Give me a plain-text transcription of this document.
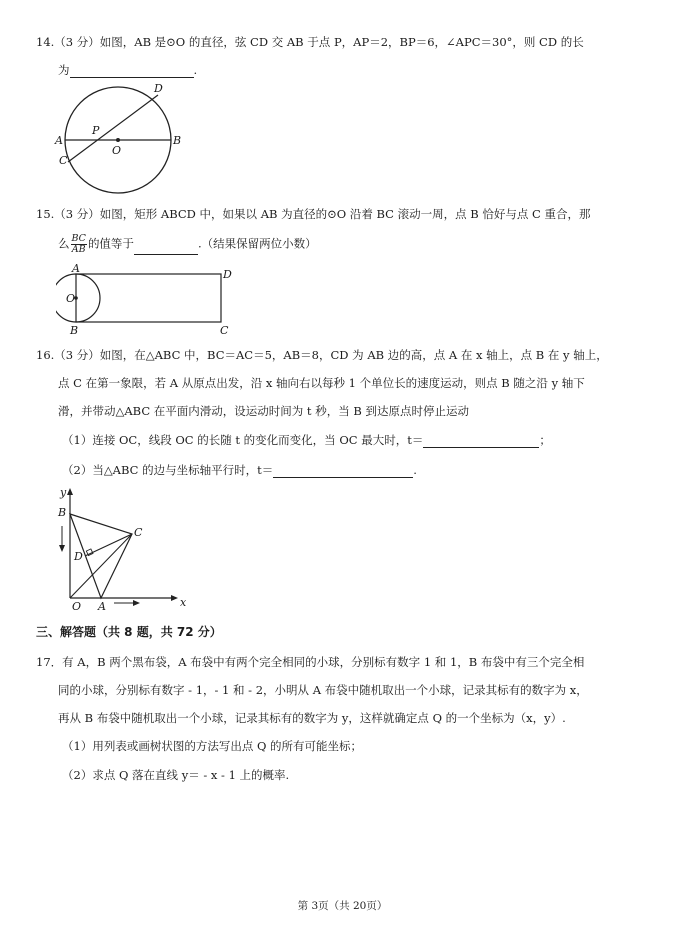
14.（3 分）如图，AB 是⊙O 的直径，弦 CD 交 AB 于点 P，AP＝2，BP＝6，∠APC＝30°，则 CD 的长
为	.
D
A
P
C
O
B
15.（3 分）如图，矩形 ABCD 中，如果以 AB 为直径的⊙O 沿着 BC 滚动一周，点 B 恰好与点 C 重合，那
么 $\frac{BC}{AB}$ 的值等于	.（结果保留两位小数）
A	D
O
B	C
16.（3 分）如图，在△ABC 中，BC＝AC＝5，AB＝8，CD 为 AB 边的高，点 A 在 x 轴上，点 B 在 y 轴上，
点 C 在第一象限，若 A 从原点出发，沿 x 轴向右以每秒 1 个单位长的速度运动，则点 B 随之沿 y 轴下
滑，并带动△ABC 在平面内滑动，设运动时间为 t 秒，当 B 到达原点时停止运动
（1）连接 OC，线段 OC 的长随 t 的变化而变化，当 OC 最大时，t＝	；
（2）当△ABC 的边与坐标轴平行时，t＝	.
y
B
C
D
O A	x
三、解答题（共 8 题，共 72 分）
17．有 A，B 两个黑布袋，A 布袋中有两个完全相同的小球，分别标有数字 1 和 1，B 布袋中有三个完全相
同的小球，分别标有数字 - 1，- 1 和 - 2，小明从 A 布袋中随机取出一个小球，记录其标有的数字为 x，
再从 B 布袋中随机取出一个小球，记录其标有的数字为 y，这样就确定点 Q 的一个坐标为（x，y）.
（1）用列表或画树状图的方法写出点 Q 的所有可能坐标；
（2）求点 Q 落在直线 y＝ - x - 1 上的概率.
第 3页（共 20页）
